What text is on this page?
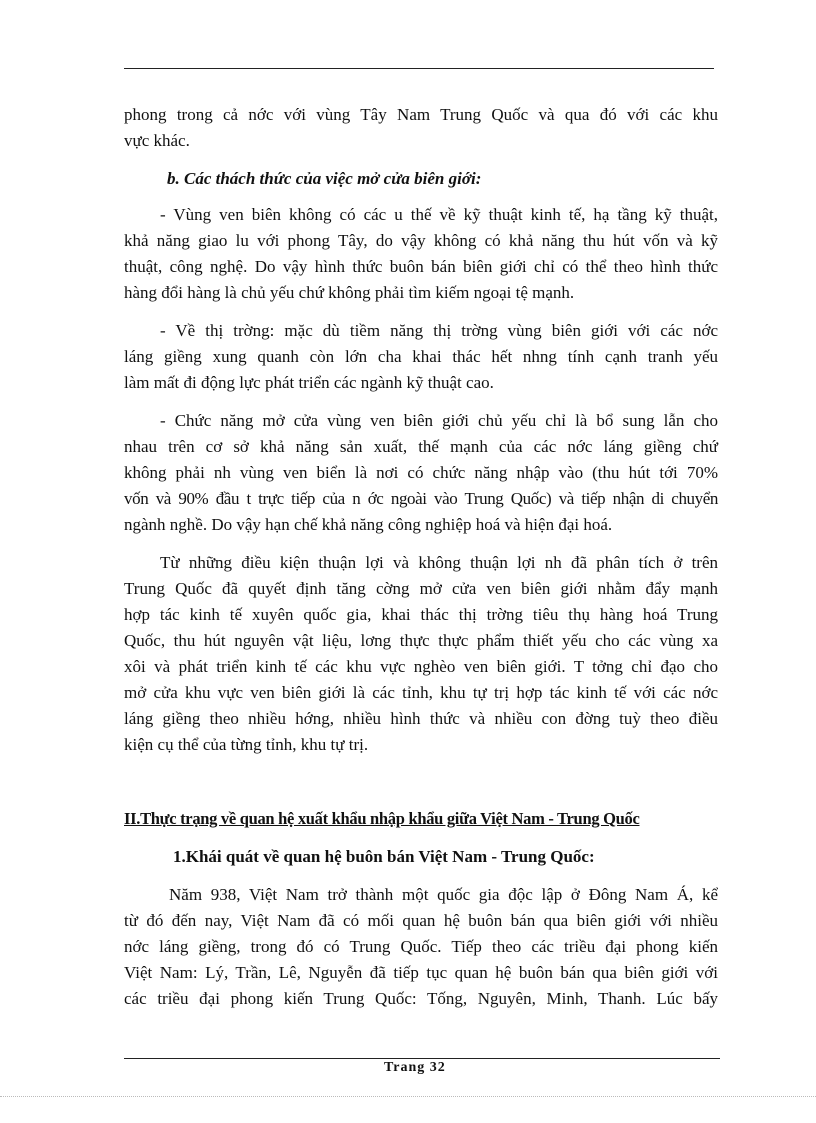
phong trong cả nớc với vùng Tây Nam Trung Quốc và qua đó với các khu
vực khác.
b. Các thách thức của việc mở cửa biên giới:
- Vùng ven biên không có các u thế về kỹ thuật kinh tế, hạ tầng kỹ thuật,
khả năng giao lu với phong Tây, do vậy không có khả năng thu hút vốn và kỹ
thuật, công nghệ. Do vậy hình thức buôn bán biên giới chỉ có thể theo hình thức
hàng đổi hàng là chủ yếu chứ không phải tìm kiếm ngoại tệ mạnh.
- Về thị trờng: mặc dù tiềm năng thị trờng vùng biên giới với các nớc
láng giềng xung quanh còn lớn cha khai thác hết nhng tính cạnh tranh yếu
làm mất đi động lực phát triển các ngành kỹ thuật cao.
- Chức năng mở cửa vùng ven biên giới chủ yếu chỉ là bổ sung lẫn cho
nhau trên cơ sở khả năng sản xuất, thế mạnh của các nớc láng giềng chứ
không phải nh vùng ven biển là nơi có chức năng nhập vào (thu hút tới 70%
vốn và 90% đầu t trực tiếp của n ớc ngoài vào Trung Quốc) và tiếp nhận di chuyển
ngành nghề. Do vậy hạn chế khả năng công nghiệp hoá và hiện đại hoá.
Từ những điều kiện thuận lợi và không thuận lợi nh đã phân tích ở trên
Trung Quốc đã quyết định tăng cờng mở cửa ven biên giới nhằm đẩy mạnh
hợp tác kinh tế xuyên quốc gia, khai thác thị trờng tiêu thụ hàng hoá Trung
Quốc, thu hút nguyên vật liệu, lơng thực thực phẩm thiết yếu cho các vùng xa
xôi và phát triển kinh tế các khu vực nghèo ven biên giới. T tởng chỉ đạo cho
mở cửa khu vực ven biên giới là các tỉnh, khu tự trị hợp tác kinh tế với các nớc
láng giềng theo nhiều hớng, nhiều hình thức và nhiều con đờng tuỳ theo điều
kiện cụ thể của từng tỉnh, khu tự trị.
II.Thực trạng về quan hệ xuất khẩu nhập khẩu giữa Việt Nam - Trung Quốc
1.Khái quát về quan hệ buôn bán Việt Nam - Trung Quốc:
Năm 938, Việt Nam trở thành một quốc gia độc lập ở Đông Nam Á, kể
từ đó đến nay, Việt Nam đã có mối quan hệ buôn bán qua biên giới với nhiều
nớc láng giềng, trong đó có Trung Quốc. Tiếp theo các triều đại phong kiến
Việt Nam: Lý, Trần, Lê, Nguyễn đã tiếp tục quan hệ buôn bán qua biên giới với
các triều đại phong kiến Trung Quốc: Tống, Nguyên, Minh, Thanh. Lúc bấy
Trang 32
